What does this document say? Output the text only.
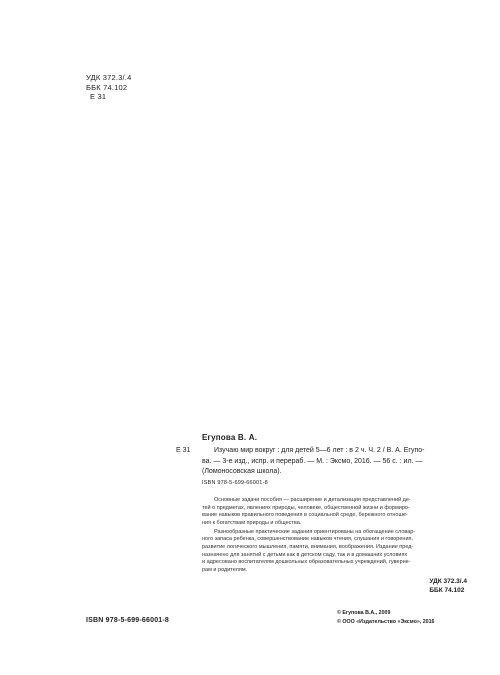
УДК 372.3/.4
ББК 74.102
Е 31
Е 31
Егупова В. А.
Изучаю мир вокруг : для детей 5—6 лет : в 2 ч. Ч. 2 / В. А. Егупо-
ва. — 3-е изд., испр. и перераб. — М. : Эксмо, 2016. — 56 с. : ил. —
(Ломоносовская школа).
ISBN 978-5-699-66001-8

Основные задачи пособия — расширение и детализация представлений де-
тей о предметах, явлениях природы, человеке, общественной жизни и формиро-
вание навыков правильного поведения в социальной среде, бережного отноше-
ния к богатствам природы и общества.

Разнообразные практические задания ориентированы на обогащение словар-
ного запаса ребенка, совершенствование навыков чтения, слушания и говорения,
развитие логического мышления, памяти, внимания, воображения. Издание пред-
назначено для занятий с детьми как в детском саду, так и в домашних условиях
и адресовано воспитателям дошкольных образовательных учреждений, гуверне-
рам и родителям.

УДК 372.3/.4
ББК 74.102
ISBN 978-5-699-66001-8
© Егупова В.А., 2009
© ООО «Издательство «Эксмо», 2016
